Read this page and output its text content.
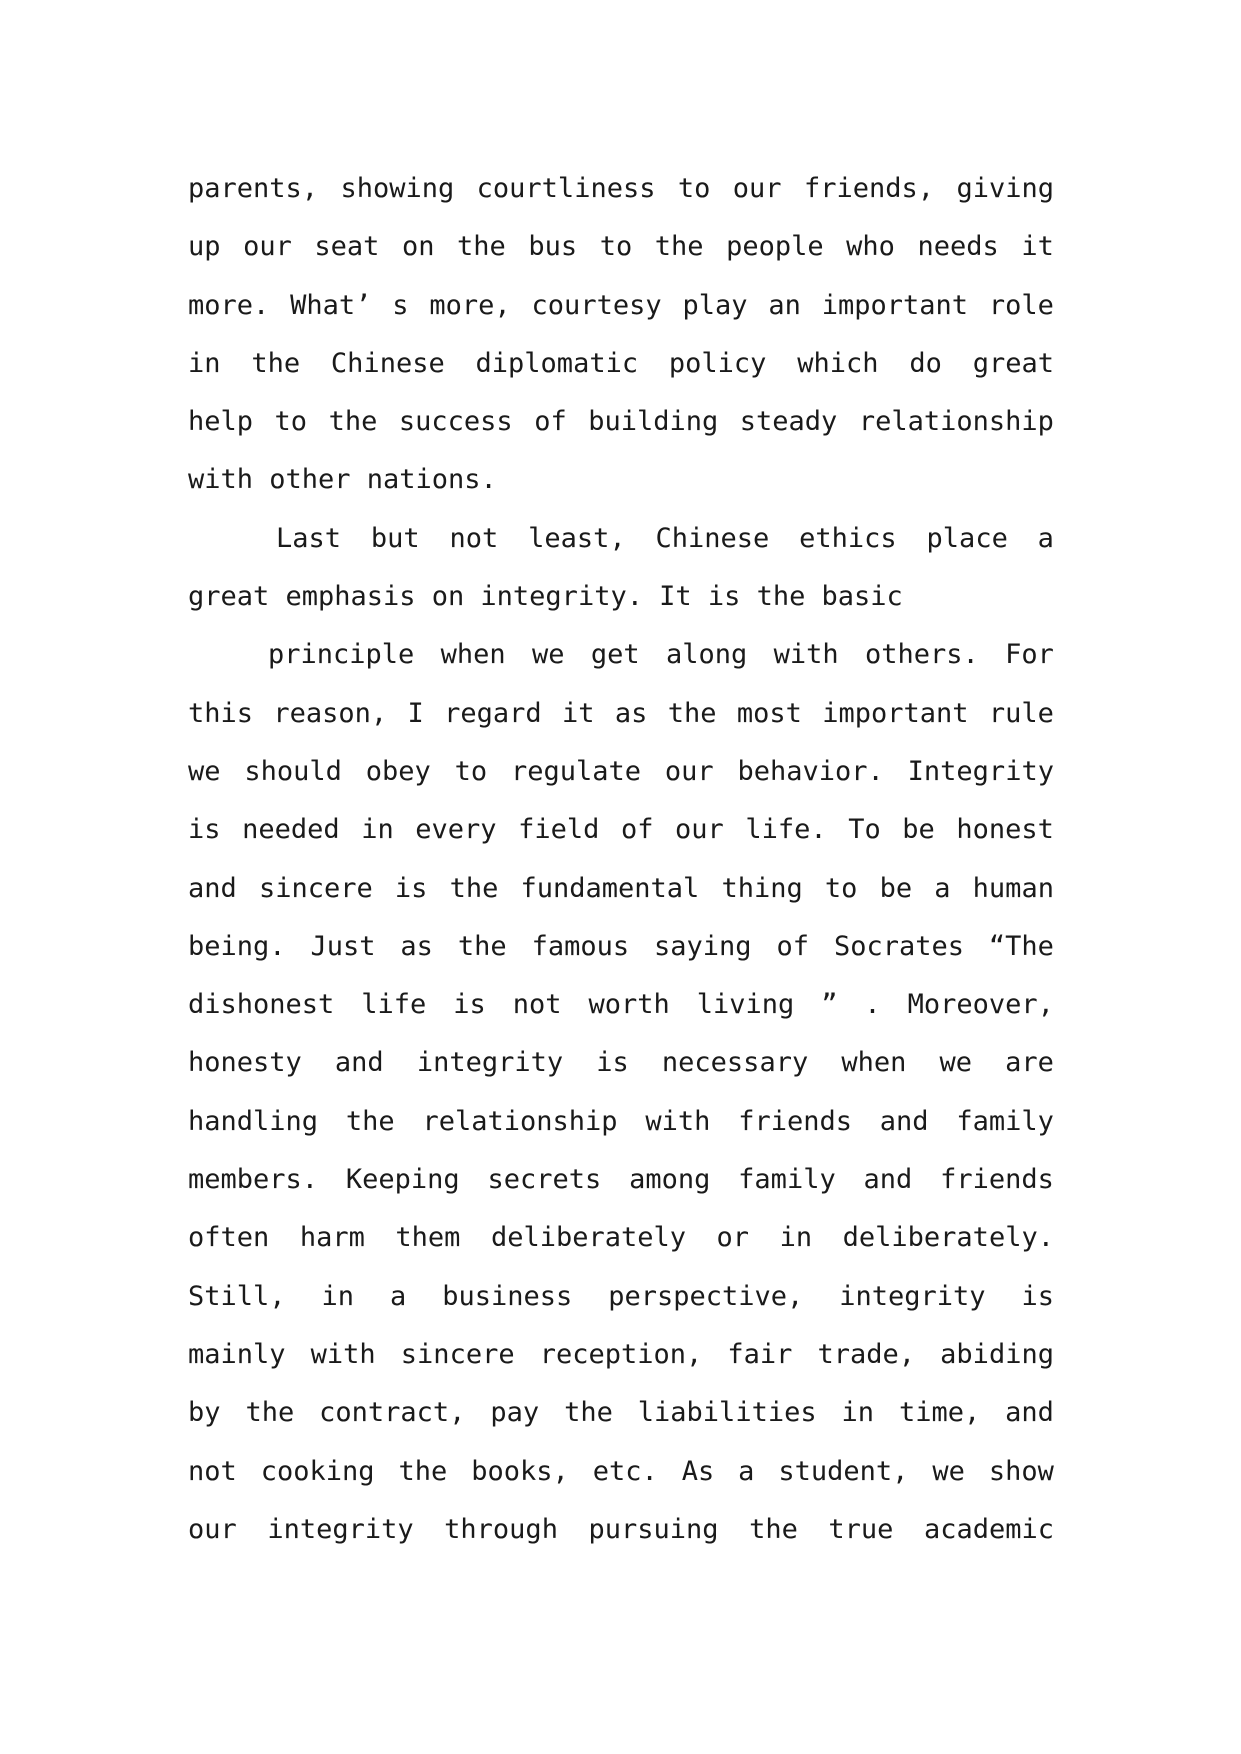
parents, showing courtliness to our friends, giving
up our seat on the bus to the people who needs it
more. What’ s more, courtesy play an important role
in the Chinese diplomatic policy which do great
help to the success of building steady relationship
with other nations.
Last but not least, Chinese ethics place a
great emphasis on integrity. It is the basic
principle when we get along with others. For
this reason, I regard it as the most important rule
we should obey to regulate our behavior. Integrity
is needed in every field of our life. To be honest
and sincere is the fundamental thing to be a human
being. Just as the famous saying of Socrates “The
dishonest life is not worth living ” . Moreover,
honesty and integrity is necessary when we are
handling the relationship with friends and family
members. Keeping secrets among family and friends
often harm them deliberately or in deliberately.
Still, in a business perspective, integrity is
mainly with sincere reception, fair trade, abiding
by the contract, pay the liabilities in time, and
not cooking the books, etc. As a student, we show
our integrity through pursuing the true academic
